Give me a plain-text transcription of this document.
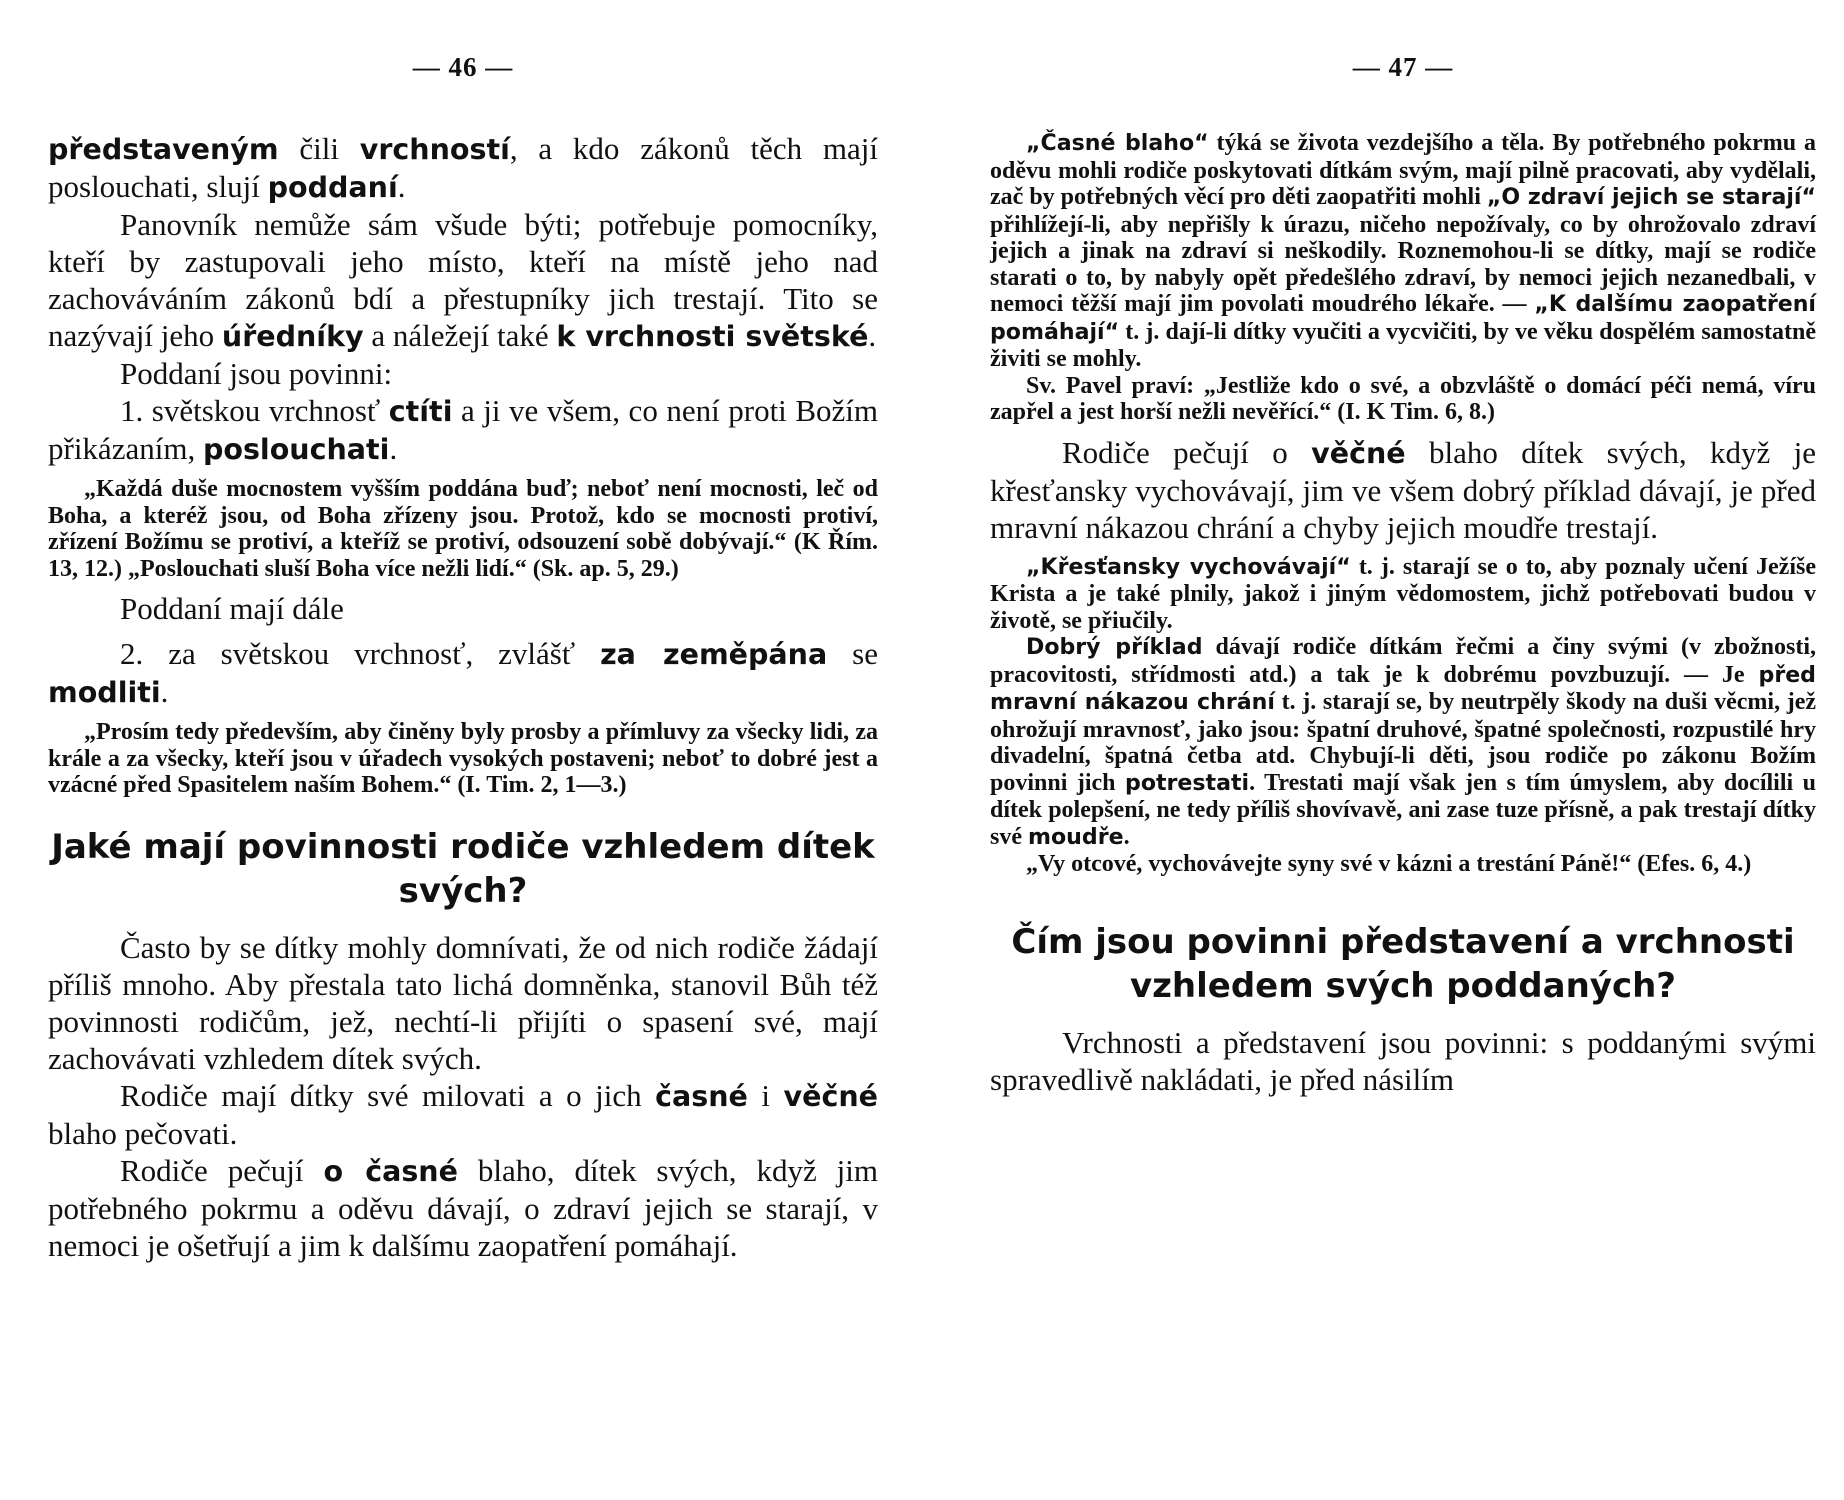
— 46 —

představeným čili vrchností, a kdo zákonů těch mají poslouchati, slují poddaní.

Panovník nemůže sám všude býti; potřebuje pomocníky, kteří by zastupovali jeho místo, kteří na místě jeho nad zachováváním zákonů bdí a přestupníky jich trestají. Tito se nazývají jeho úředníky a náležejí také k vrchnosti světské.

Poddaní jsou povinni:

1. světskou vrchnosť ctíti a ji ve všem, co není proti Božím přikázaním, poslouchati.

„Každá duše mocnostem vyšším poddána buď; neboť není mocnosti, leč od Boha, a kteréž jsou, od Boha zřízeny jsou. Protož, kdo se mocnosti protiví, zřízení Božímu se protiví, a kteříž se protiví, odsouzení sobě dobývají.“ (K Řím. 13, 12.) „Poslouchati sluší Boha více nežli lidí.“ (Sk. ap. 5, 29.)

Poddaní mají dále

2. za světskou vrchnosť, zvlášť za zeměpána se modliti.

„Prosím tedy především, aby činěny byly prosby a přímluvy za všecky lidi, za krále a za všecky, kteří jsou v úřadech vysokých postaveni; neboť to dobré jest a vzácné před Spasitelem naším Bohem.“ (I. Tim. 2, 1—3.)

Jaké mají povinnosti rodiče vzhledem dítek svých?

Často by se dítky mohly domnívati, že od nich rodiče žádají příliš mnoho. Aby přestala tato lichá domněnka, stanovil Bůh též povinnosti rodičům, jež, nechtí-li přijíti o spasení své, mají zachovávati vzhledem dítek svých.

Rodiče mají dítky své milovati a o jich časné i věčné blaho pečovati.

Rodiče pečují o časné blaho, dítek svých, když jim potřebného pokrmu a oděvu dávají, o zdraví jejich se starají, v nemoci je ošetřují a jim k dalšímu zaopatření pomáhají.

— 47 —

„Časné blaho“ týká se života vezdejšího a těla. By potřebného pokrmu a oděvu mohli rodiče poskytovati dítkám svým, mají pilně pracovati, aby vydělali, zač by potřebných věcí pro děti zaopatřiti mohli „O zdraví jejich se starají“ přihlížejí-li, aby nepřišly k úrazu, ničeho nepožívaly, co by ohrožovalo zdraví jejich a jinak na zdraví si neškodily. Roznemohou-li se dítky, mají se rodiče starati o to, by nabyly opět předešlého zdraví, by nemoci jejich nezanedbali, v nemoci těžší mají jim povolati moudrého lékaře. — „K dalšímu zaopatření pomáhají“ t. j. dají-li dítky vyučiti a vycvičiti, by ve věku dospělém samostatně živiti se mohly.

Sv. Pavel praví: „Jestliže kdo o své, a obzvláště o domácí péči nemá, víru zapřel a jest horší nežli nevěřící.“ (I. K Tim. 6, 8.)

Rodiče pečují o věčné blaho dítek svých, když je křesťansky vychovávají, jim ve všem dobrý příklad dávají, je před mravní nákazou chrání a chyby jejich moudře trestají.

„Křesťansky vychovávají“ t. j. starají se o to, aby poznaly učení Ježíše Krista a je také plnily, jakož i jiným vědomostem, jichž potřebovati budou v životě, se přiučily.

Dobrý příklad dávají rodiče dítkám řečmi a činy svými (v zbožnosti, pracovitosti, střídmosti atd.) a tak je k dobrému povzbuzují. — Je před mravní nákazou chrání t. j. starají se, by neutrpěly škody na duši věcmi, jež ohrožují mravnosť, jako jsou: špatní druhové, špatné společnosti, rozpustilé hry divadelní, špatná četba atd. Chybují-li děti, jsou rodiče po zákonu Božím povinni jich potrestati. Trestati mají však jen s tím úmyslem, aby docílili u dítek polepšení, ne tedy příliš shovívavě, ani zase tuze přísně, a pak trestají dítky své moudře.

„Vy otcové, vychovávejte syny své v kázni a trestání Páně!“ (Efes. 6, 4.)

Čím jsou povinni představení a vrchnosti vzhledem svých poddaných?

Vrchnosti a představení jsou povinni: s poddanými svými spravedlivě nakládati, je před násilím
